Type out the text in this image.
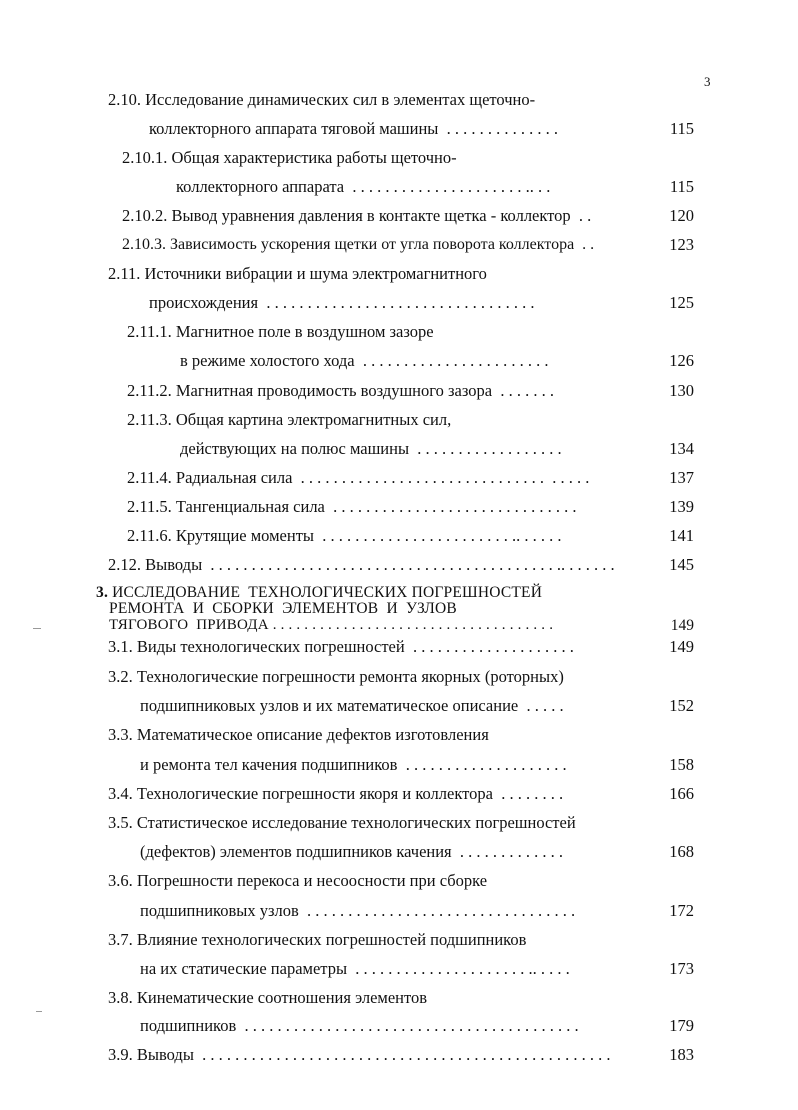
3
2.10. Исследование динамических сил в элементах щеточно-
коллекторного аппарата тяговой машины  . . . . . . . . . . . . . .	115
2.10.1. Общая характеристика работы щеточно-
коллекторного аппарата  . . . . . . . . . . . . . . . . . . . . . .. . .	115
2.10.2. Вывод уравнения давления в контакте щетка - коллектор  . .	120
2.10.3. Зависимость ускорения щетки от угла поворота коллектора  . .	123
2.11. Источники вибрации и шума электромагнитного
происхождения  . . . . . . . . . . . . . . . . . . . . . . . . . . . . . . . . .	125
2.11.1. Магнитное поле в воздушном зазоре
в режиме холостого хода  . . . . . . . . . . . . . . . . . . . . . . .	126
2.11.2. Магнитная проводимость воздушного зазора  . . . . . . .	130
2.11.3. Общая картина электромагнитных сил,
действующих на полюс машины  . . . . . . . . . . . . . . . . . .	134
2.11.4. Радиальная сила  . . . . . . . . . . . . . . . . . . . . . . . . . . . . . .  . . . . .	137
2.11.5. Тангенциальная сила  . . . . . . . . . . . . . . . . . . . . . . . . . . . . . .	139
2.11.6. Крутящие моменты  . . . . . . . . . . . . . . . . . . . . . . . .. . . . . .	141
2.12. Выводы  . . . . . . . . . . . . . . . . . . . . . . . . . . . . . . . . . . . . . . . . . . .. . . . . . .	145
3. ИССЛЕДОВАНИЕ  ТЕХНОЛОГИЧЕСКИХ ПОГРЕШНОСТЕЙ
РЕМОНТА  И  СБОРКИ  ЭЛЕМЕНТОВ  И  УЗЛОВ
ТЯГОВОГО  ПРИВОДА . . . . . . . . . . . . . . . . . . . . . . . . . . . . . . . . . . . .	149
3.1. Виды технологических погрешностей  . . . . . . . . . . . . . . . . . . . .	149
3.2. Технологические погрешности ремонта якорных (роторных)
подшипниковых узлов и их математическое описание  . . . . .	152
3.3. Математическое описание дефектов изготовления
и ремонта тел качения подшипников  . . . . . . . . . . . . . . . . . . . .	158
3.4. Технологические погрешности якоря и коллектора  . . . . . . . .	166
3.5. Статистическое исследование технологических погрешностей
(дефектов) элементов подшипников качения  . . . . . . . . . . . . .	168
3.6. Погрешности перекоса и несоосности при сборке
подшипниковых узлов  . . . . . . . . . . . . . . . . . . . . . . . . . . . . . . . . .	172
3.7. Влияние технологических погрешностей подшипников
на их статические параметры  . . . . . . . . . . . . . . . . . . . . . .. . . . .	173
3.8. Кинематические соотношения элементов
подшипников  . . . . . . . . . . . . . . . . . . . . . . . . . . . . . . . . . . . . . . . . .	179
3.9. Выводы  . . . . . . . . . . . . . . . . . . . . . . . . . . . . . . . . . . . . . . . . . . . . . . . . . .	183
